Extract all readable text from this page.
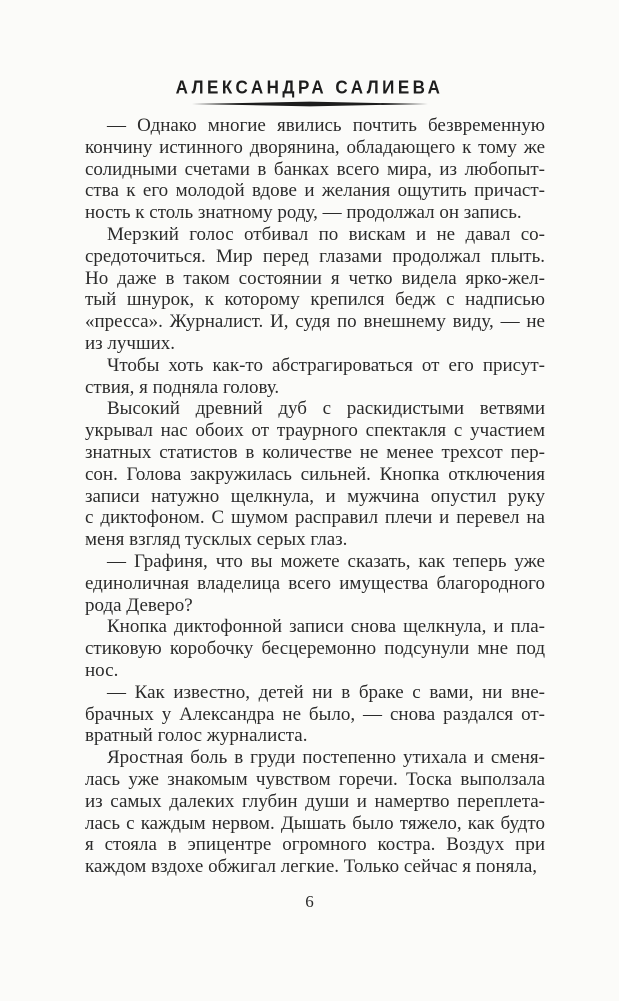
АЛЕКСАНДРА САЛИЕВА
— Однако многие явились почтить безвременную
кончину истинного дворянина, обладающего к тому же
солидными счетами в банках всего мира, из любопыт-
ства к его молодой вдове и желания ощутить причаст-
ность к столь знатному роду, — продолжал он запись.
Мерзкий голос отбивал по вискам и не давал со-
средоточиться. Мир перед глазами продолжал плыть.
Но даже в таком состоянии я четко видела ярко-жел-
тый шнурок, к которому крепился бедж с надписью
«пресса». Журналист. И, судя по внешнему виду, — не
из лучших.
Чтобы хоть как-то абстрагироваться от его присут-
ствия, я подняла голову.
Высокий древний дуб с раскидистыми ветвями
укрывал нас обоих от траурного спектакля с участием
знатных статистов в количестве не менее трехсот пер-
сон. Голова закружилась сильней. Кнопка отключения
записи натужно щелкнула, и мужчина опустил руку
с диктофоном. С шумом расправил плечи и перевел на
меня взгляд тусклых серых глаз.
— Графиня, что вы можете сказать, как теперь уже
единоличная владелица всего имущества благородного
рода Деверо?
Кнопка диктофонной записи снова щелкнула, и пла-
стиковую коробочку бесцеремонно подсунули мне под
нос.
— Как известно, детей ни в браке с вами, ни вне-
брачных у Александра не было, — снова раздался от-
вратный голос журналиста.
Яростная боль в груди постепенно утихала и сменя-
лась уже знакомым чувством горечи. Тоска выползала
из самых далеких глубин души и намертво переплета-
лась с каждым нервом. Дышать было тяжело, как будто
я стояла в эпицентре огромного костра. Воздух при
каждом вздохе обжигал легкие. Только сейчас я поняла,
6
